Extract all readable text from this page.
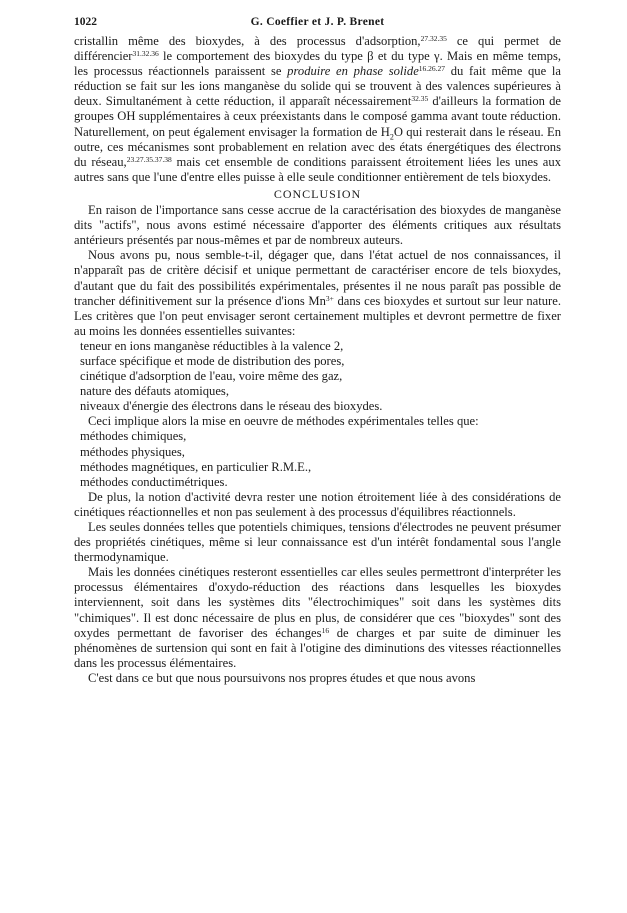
1022	G. Coeffier et J. P. Brenet

cristallin même des bioxydes, à des processus d'adsorption,$^{27.32.35}$ ce qui permet de différencier$^{31.32.36}$ le comportement des bioxydes du type β et du type γ. Mais en même temps, les processus réactionnels paraissent se produire en phase solide$^{16.26.27}$ du fait même que la réduction se fait sur les ions manganèse du solide qui se trouvent à des valences supérieures à deux. Simultanément à cette réduction, il apparaît nécessairement$^{32.35}$ d'ailleurs la formation de groupes OH supplémentaires à ceux préexistants dans le composé gamma avant toute réduction. Naturellement, on peut également envisager la formation de $H_2O$ qui resterait dans le réseau. En outre, ces mécanismes sont probablement en relation avec des états énergétiques des électrons du réseau,$^{23.27.35.37.38}$ mais cet ensemble de conditions paraissent étroitement liées les unes aux autres sans que l'une d'entre elles puisse à elle seule conditionner entièrement de tels bioxydes.

CONCLUSION

En raison de l'importance sans cesse accrue de la caractérisation des bioxydes de manganèse dits "actifs", nous avons estimé nécessaire d'apporter des éléments critiques aux résultats antérieurs présentés par nous-mêmes et par de nombreux auteurs.

Nous avons pu, nous semble-t-il, dégager que, dans l'état actuel de nos connaissances, il n'apparaît pas de critère décisif et unique permettant de caractériser encore de tels bioxydes, d'autant que du fait des possibilités expérimentales, présentes il ne nous paraît pas possible de trancher définitivement sur la présence d'ions $Mn^{3+}$ dans ces bioxydes et surtout sur leur nature. Les critères que l'on peut envisager seront certainement multiples et devront permettre de fixer au moins les données essentielles suivantes:

teneur en ions manganèse réductibles à la valence 2,
surface spécifique et mode de distribution des pores,
cinétique d'adsorption de l'eau, voire même des gaz,
nature des défauts atomiques,
niveaux d'énergie des électrons dans le réseau des bioxydes.

Ceci implique alors la mise en oeuvre de méthodes expérimentales telles que:

méthodes chimiques,
méthodes physiques,
méthodes magnétiques, en particulier R.M.E.,
méthodes conductimétriques.

De plus, la notion d'activité devra rester une notion étroitement liée à des considérations de cinétiques réactionnelles et non pas seulement à des processus d'équilibres réactionnels.

Les seules données telles que potentiels chimiques, tensions d'électrodes ne peuvent présumer des propriétés cinétiques, même si leur connaissance est d'un intérêt fondamental sous l'angle thermodynamique.

Mais les données cinétiques resteront essentielles car elles seules permettront d'interpréter les processus élémentaires d'oxydo-réduction des réactions dans lesquelles les bioxydes interviennent, soit dans les systèmes dits "électrochimiques" soit dans les systèmes dits "chimiques". Il est donc nécessaire de plus en plus, de considérer que ces "bioxydes" sont des oxydes permettant de favoriser des échanges$^{16}$ de charges et par suite de diminuer les phénomènes de surtension qui sont en fait à l'otigine des diminutions des vitesses réactionnelles dans les processus élémentaires.

C'est dans ce but que nous poursuivons nos propres études et que nous avons
